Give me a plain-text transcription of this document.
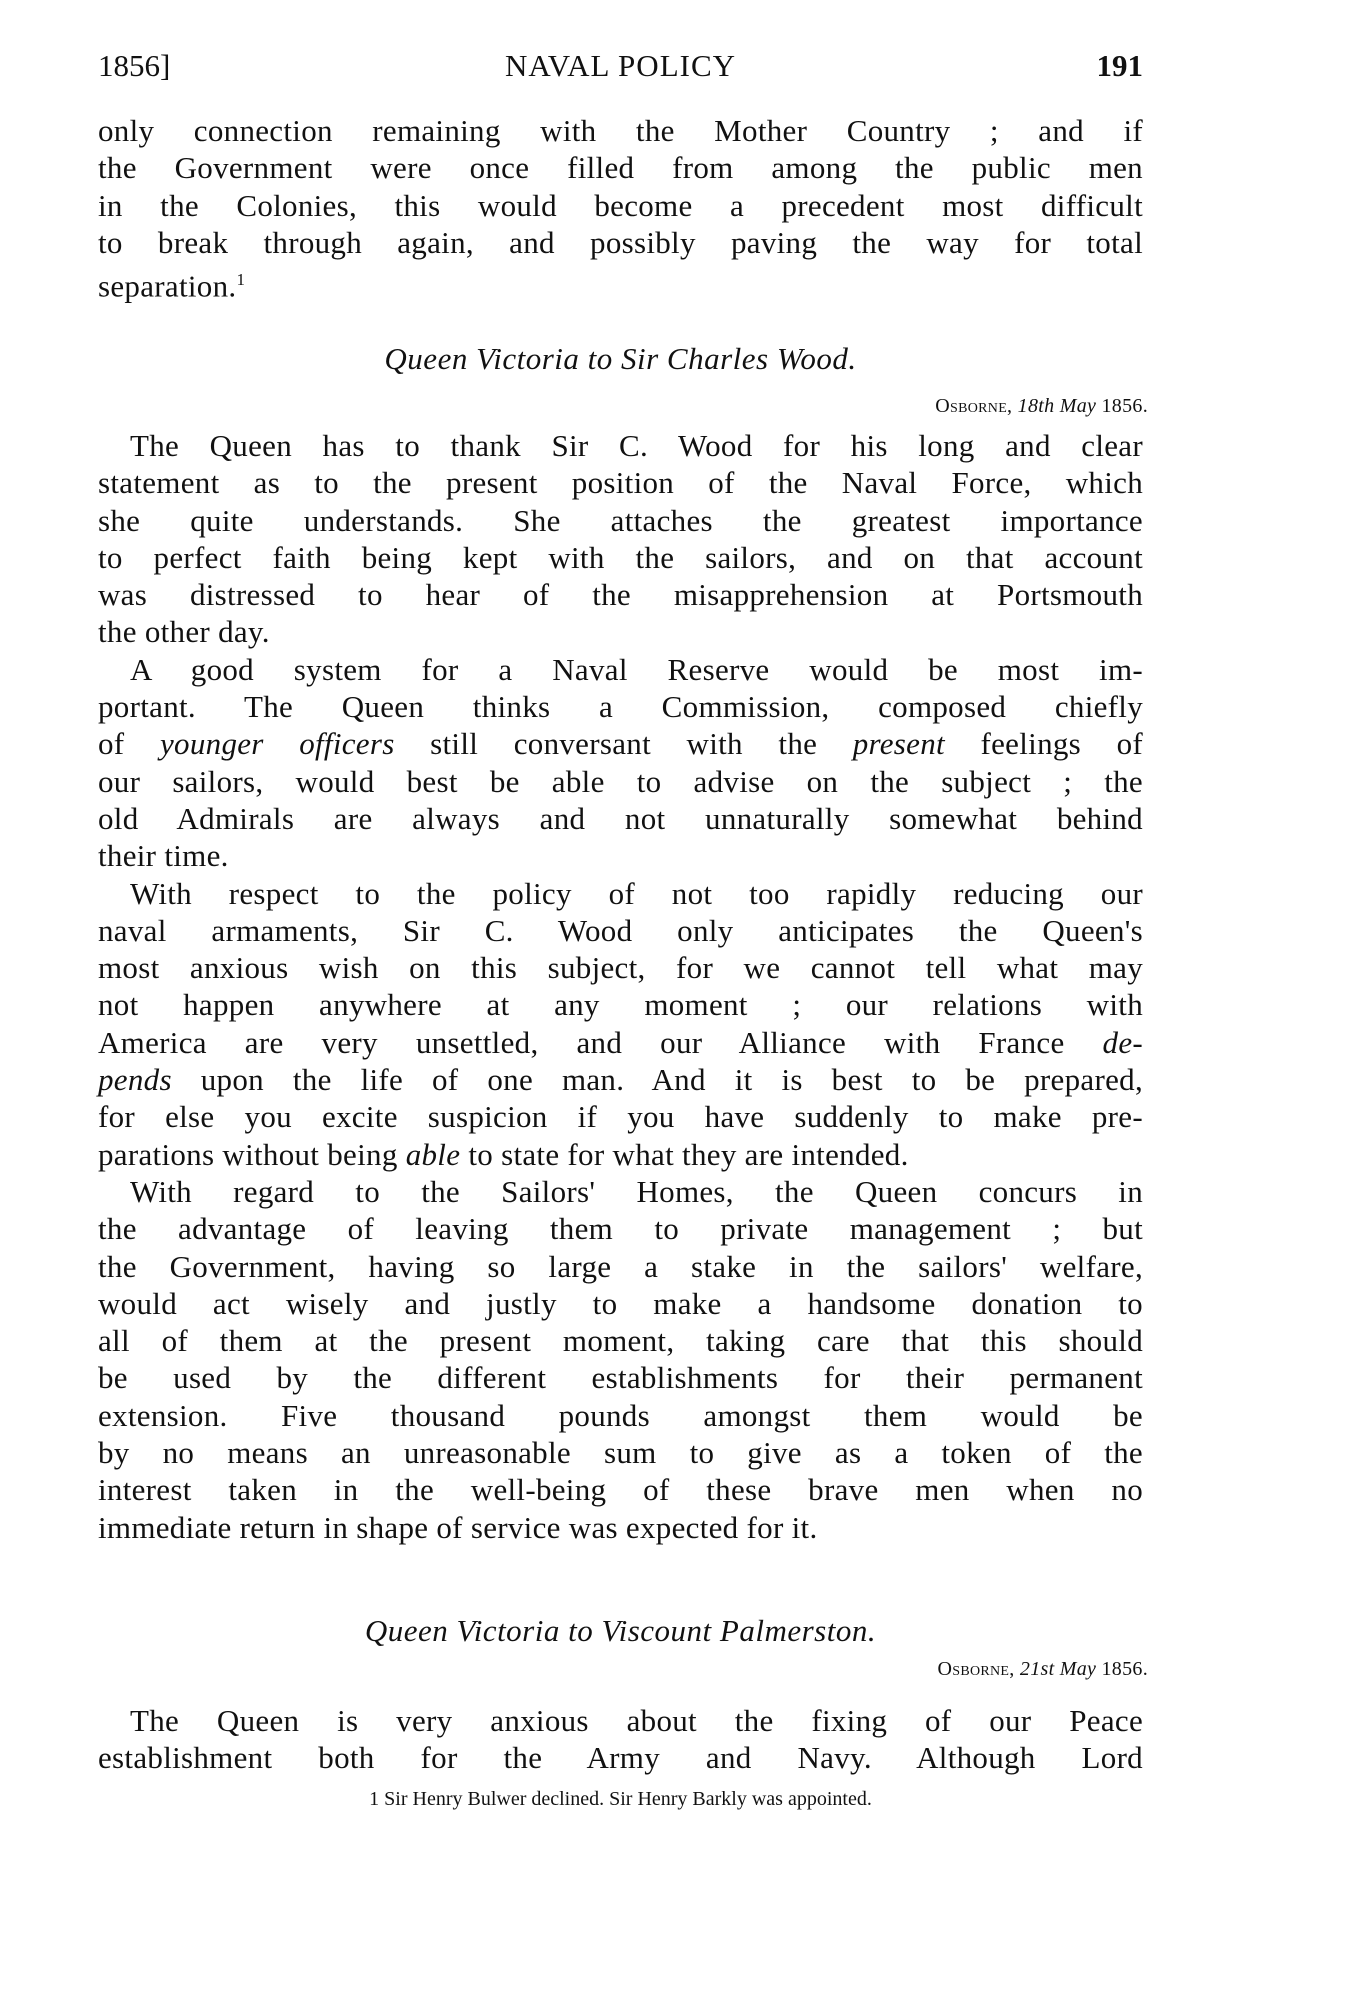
NAVAL POLICY
1856]	191
only connection remaining with the Mother Country ; and if
the Government were once filled from among the public men
in the Colonies, this would become a precedent most difficult
to break through again, and possibly paving the way for total
separation.$^1$
Queen Victoria to Sir Charles Wood.
Osborne, 18th May 1856.
The Queen has to thank Sir C. Wood for his long and clear
statement as to the present position of the Naval Force, which
she quite understands. She attaches the greatest importance
to perfect faith being kept with the sailors, and on that account
was distressed to hear of the misapprehension at Portsmouth
the other day.
A good system for a Naval Reserve would be most im-
portant. The Queen thinks a Commission, composed chiefly
of younger officers still conversant with the present feelings of
our sailors, would best be able to advise on the subject ; the
old Admirals are always and not unnaturally somewhat behind
their time.
With respect to the policy of not too rapidly reducing our
naval armaments, Sir C. Wood only anticipates the Queen's
most anxious wish on this subject, for we cannot tell what may
not happen anywhere at any moment ; our relations with
America are very unsettled, and our Alliance with France de-
pends upon the life of one man. And it is best to be prepared,
for else you excite suspicion if you have suddenly to make pre-
parations without being able to state for what they are intended.
With regard to the Sailors' Homes, the Queen concurs in
the advantage of leaving them to private management ; but
the Government, having so large a stake in the sailors' welfare,
would act wisely and justly to make a handsome donation to
all of them at the present moment, taking care that this should
be used by the different establishments for their permanent
extension. Five thousand pounds amongst them would be
by no means an unreasonable sum to give as a token of the
interest taken in the well-being of these brave men when no
immediate return in shape of service was expected for it.
Queen Victoria to Viscount Palmerston.
Osborne, 21st May 1856.
The Queen is very anxious about the fixing of our Peace
establishment both for the Army and Navy. Although Lord
1 Sir Henry Bulwer declined. Sir Henry Barkly was appointed.
